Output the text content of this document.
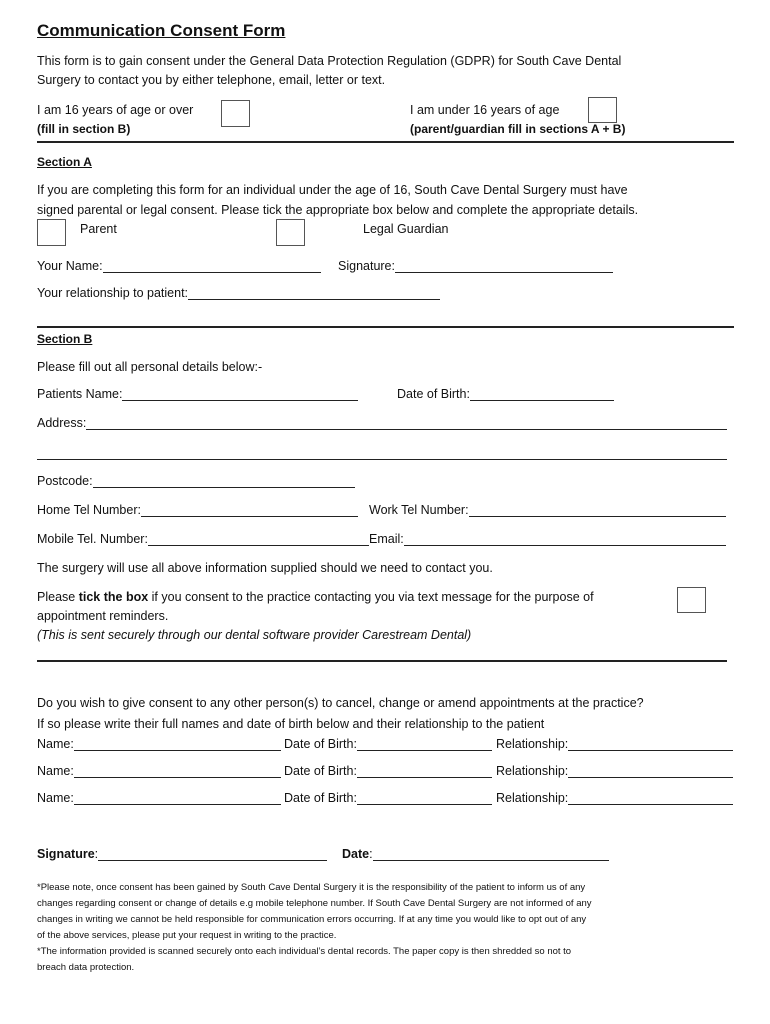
Communication Consent Form
This form is to gain consent under the General Data Protection Regulation (GDPR) for South Cave Dental
Surgery to contact you by either telephone, email, letter or text.
I am 16 years of age or over
(fill in section B)
I am under 16 years of age
(parent/guardian fill in sections A + B)
Section A
If you are completing this form for an individual under the age of 16, South Cave Dental Surgery must have
signed parental or legal consent. Please tick the appropriate box below and complete the appropriate details.
Parent	Legal Guardian
Your Name:	Signature:
Your relationship to patient:
Section B
Please fill out all personal details below:-
Patients Name:	Date of Birth:
Address:
Postcode:
Home Tel Number:	Work Tel Number:
Mobile Tel. Number:	Email:
The surgery will use all above information supplied should we need to contact you.
Please tick the box if you consent to the practice contacting you via text message for the purpose of
appointment reminders.
(This is sent securely through our dental software provider Carestream Dental)
Do you wish to give consent to any other person(s) to cancel, change or amend appointments at the practice?
If so please write their full names and date of birth below and their relationship to the patient
Name:	Date of Birth:	Relationship:
Name:	Date of Birth:	Relationship:
Name:	Date of Birth:	Relationship:
Signature :	Date :
*Please note, once consent has been gained by South Cave Dental Surgery it is the responsibility of the patient to inform us of any
changes regarding consent or change of details e.g mobile telephone number. If South Cave Dental Surgery are not informed of any
changes in writing we cannot be held responsible for communication errors occurring. If at any time you would like to opt out of any
of the above services, please put your request in writing to the practice.
*The information provided is scanned securely onto each individual’s dental records. The paper copy is then shredded so not to
breach data protection.
